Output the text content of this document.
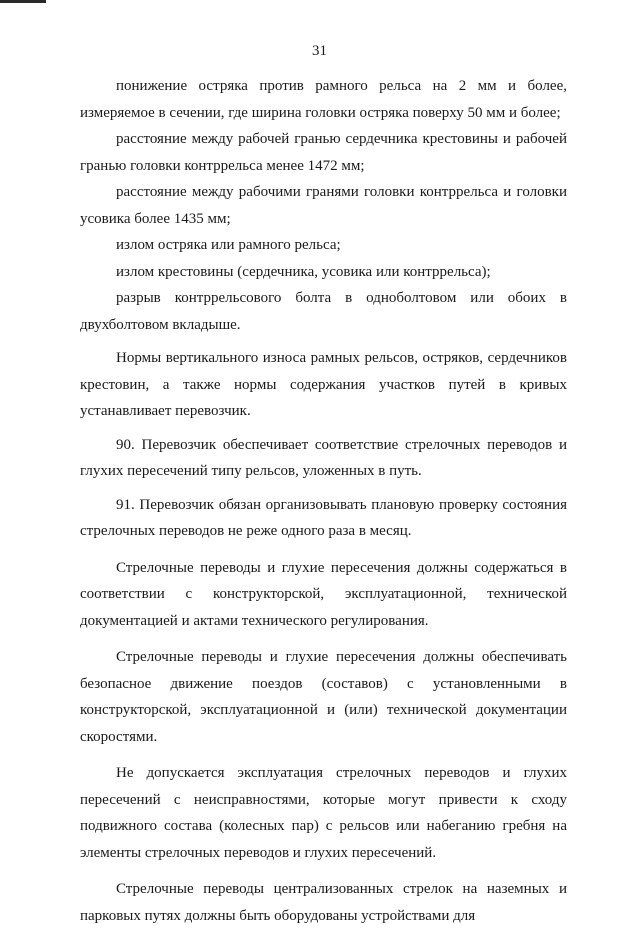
31

понижение остряка против рамного рельса на 2 мм и более, измеряемое в сечении, где ширина головки остряка поверху 50 мм и более;

расстояние между рабочей гранью сердечника крестовины и рабочей гранью головки контррельса менее 1472 мм;

расстояние между рабочими гранями головки контррельса и головки усовика более 1435 мм;

излом остряка или рамного рельса;

излом крестовины (сердечника, усовика или контррельса);

разрыв контррельсового болта в одноболтовом или обоих в двухболтовом вкладыше.

Нормы вертикального износа рамных рельсов, остряков, сердечников крестовин, а также нормы содержания участков путей в кривых устанавливает перевозчик.

90. Перевозчик обеспечивает соответствие стрелочных переводов и глухих пересечений типу рельсов, уложенных в путь.

91. Перевозчик обязан организовывать плановую проверку состояния стрелочных переводов не реже одного раза в месяц.

Стрелочные переводы и глухие пересечения должны содержаться в соответствии с конструкторской, эксплуатационной, технической документацией и актами технического регулирования.

Стрелочные переводы и глухие пересечения должны обеспечивать безопасное движение поездов (составов) с установленными в конструкторской, эксплуатационной и (или) технической документации скоростями.

Не допускается эксплуатация стрелочных переводов и глухих пересечений с неисправностями, которые могут привести к сходу подвижного состава (колесных пар) с рельсов или набеганию гребня на элементы стрелочных переводов и глухих пересечений.

Стрелочные переводы централизованных стрелок на наземных и парковых путях должны быть оборудованы устройствами для
